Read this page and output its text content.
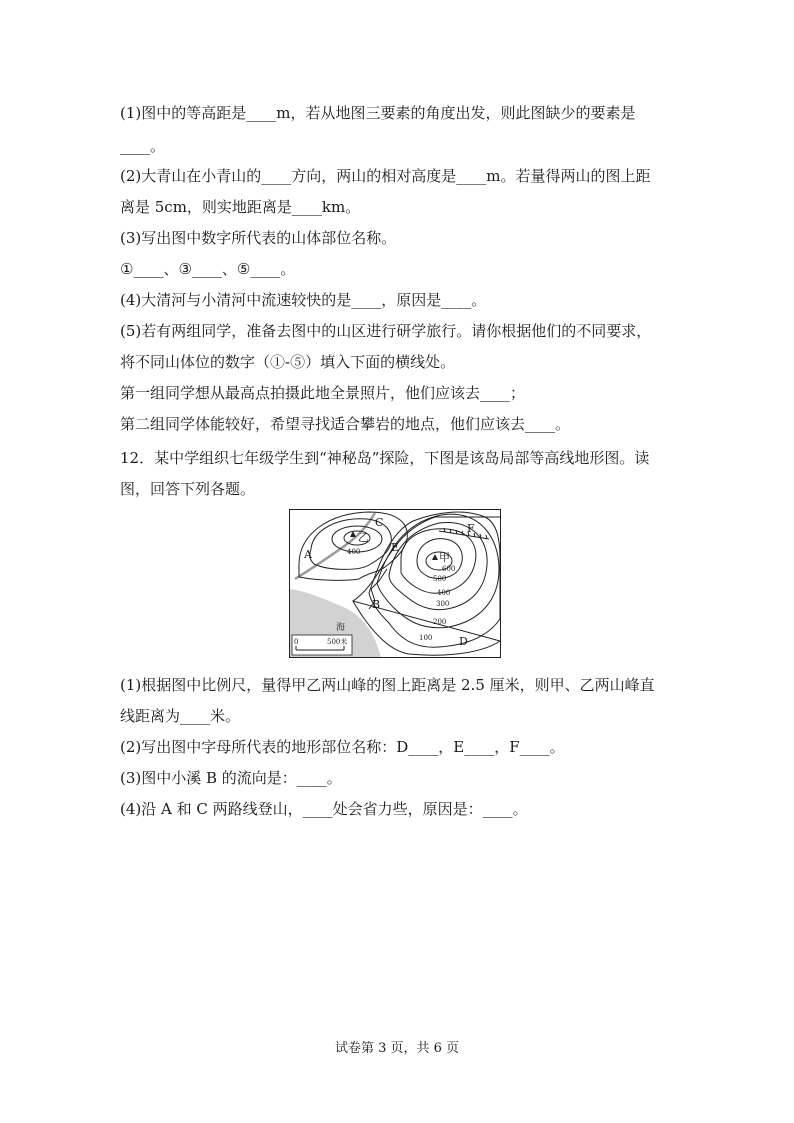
(1)图中的等高距是____m，若从地图三要素的角度出发，则此图缺少的要素是
____。
(2)大青山在小青山的____方向，两山的相对高度是____m。若量得两山的图上距
离是 5cm，则实地距离是____km。
(3)写出图中数字所代表的山体部位名称。
①____、③____、⑤____。
(4)大清河与小清河中流速较快的是____，原因是____。
(5)若有两组同学，准备去图中的山区进行研学旅行。请你根据他们的不同要求，
将不同山体位的数字（①-⑤）填入下面的横线处。
第一组同学想从最高点拍摄此地全景照片，他们应该去____；
第二组同学体能较好，希望寻找适合攀岩的地点，他们应该去____。
12．某中学组织七年级学生到“神秘岛”探险，下图是该岛局部等高线地形图。读
图，回答下列各题。
A
B
C
D
E
F
乙
甲
400
600
500
400
300
200
100
海
0	500米
(1)根据图中比例尺，量得甲乙两山峰的图上距离是 2.5 厘米，则甲、乙两山峰直
线距离为____米。
(2)写出图中字母所代表的地形部位名称：D____，E____，F____。
(3)图中小溪 B 的流向是：____。
(4)沿 A 和 C 两路线登山，____处会省力些，原因是：____。
试卷第 3 页，共 6 页
